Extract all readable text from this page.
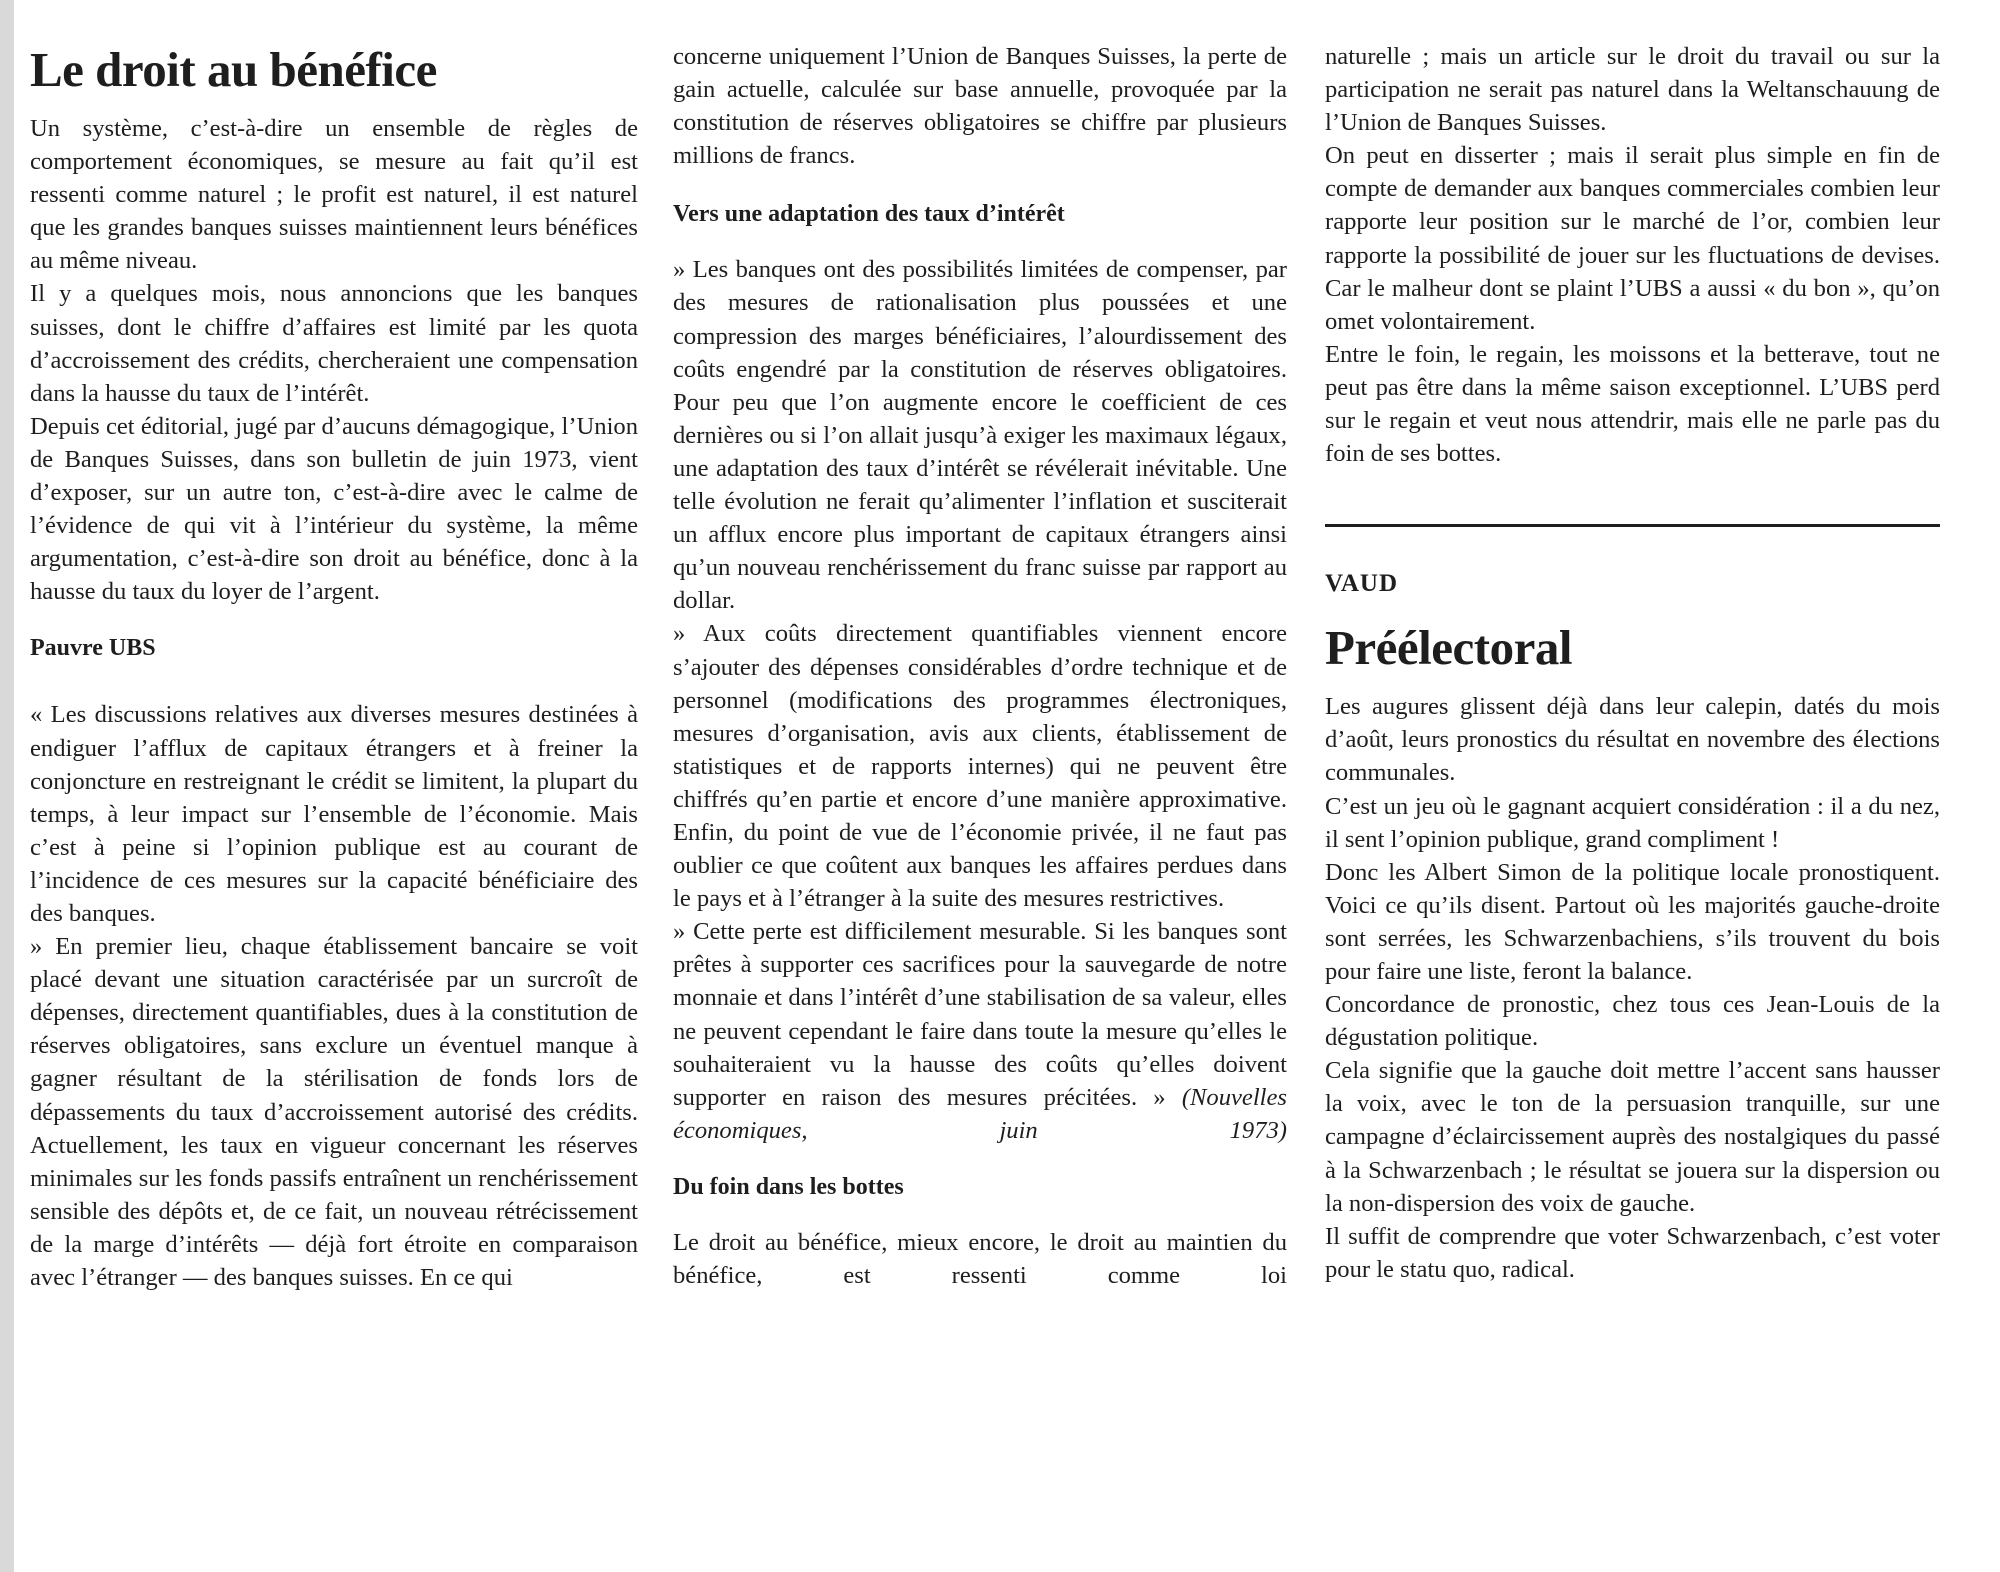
Le droit au bénéfice

Un système, c’est-à-dire un ensemble de règles de comportement économiques, se mesure au fait qu’il est ressenti comme naturel ; le profit est naturel, il est naturel que les grandes banques suisses maintiennent leurs bénéfices au même niveau.

Il y a quelques mois, nous annoncions que les banques suisses, dont le chiffre d’affaires est limité par les quota d’accroissement des crédits, chercheraient une compensation dans la hausse du taux de l’intérêt.

Depuis cet éditorial, jugé par d’aucuns démagogique, l’Union de Banques Suisses, dans son bulletin de juin 1973, vient d’exposer, sur un autre ton, c’est-à-dire avec le calme de l’évidence de qui vit à l’intérieur du système, la même argumentation, c’est-à-dire son droit au bénéfice, donc à la hausse du taux du loyer de l’argent.

Pauvre UBS

« Les discussions relatives aux diverses mesures destinées à endiguer l’afflux de capitaux étrangers et à freiner la conjoncture en restreignant le crédit se limitent, la plupart du temps, à leur impact sur l’ensemble de l’économie. Mais c’est à peine si l’opinion publique est au courant de l’incidence de ces mesures sur la capacité bénéficiaire des des banques.

» En premier lieu, chaque établissement bancaire se voit placé devant une situation caractérisée par un surcroît de dépenses, directement quantifiables, dues à la constitution de réserves obligatoires, sans exclure un éventuel manque à gagner résultant de la stérilisation de fonds lors de dépassements du taux d’accroissement autorisé des crédits. Actuellement, les taux en vigueur concernant les réserves minimales sur les fonds passifs entraînent un renchérissement sensible des dépôts et, de ce fait, un nouveau rétrécissement de la marge d’intérêts — déjà fort étroite en comparaison avec l’étranger — des banques suisses. En ce qui

concerne uniquement l’Union de Banques Suisses, la perte de gain actuelle, calculée sur base annuelle, provoquée par la constitution de réserves obligatoires se chiffre par plusieurs millions de francs.

Vers une adaptation des taux d’intérêt

» Les banques ont des possibilités limitées de compenser, par des mesures de rationalisation plus poussées et une compression des marges bénéficiaires, l’alourdissement des coûts engendré par la constitution de réserves obligatoires. Pour peu que l’on augmente encore le coefficient de ces dernières ou si l’on allait jusqu’à exiger les maximaux légaux, une adaptation des taux d’intérêt se révélerait inévitable. Une telle évolution ne ferait qu’alimenter l’inflation et susciterait un afflux encore plus important de capitaux étrangers ainsi qu’un nouveau renchérissement du franc suisse par rapport au dollar.

» Aux coûts directement quantifiables viennent encore s’ajouter des dépenses considérables d’ordre technique et de personnel (modifications des programmes électroniques, mesures d’organisation, avis aux clients, établissement de statistiques et de rapports internes) qui ne peuvent être chiffrés qu’en partie et encore d’une manière approximative. Enfin, du point de vue de l’économie privée, il ne faut pas oublier ce que coûtent aux banques les affaires perdues dans le pays et à l’étranger à la suite des mesures restrictives.

» Cette perte est difficilement mesurable. Si les banques sont prêtes à supporter ces sacrifices pour la sauvegarde de notre monnaie et dans l’intérêt d’une stabilisation de sa valeur, elles ne peuvent cependant le faire dans toute la mesure qu’elles le souhaiteraient vu la hausse des coûts qu’elles doivent supporter en raison des mesures précitées. » (Nouvelles économiques, juin 1973)

Du foin dans les bottes

Le droit au bénéfice, mieux encore, le droit au maintien du bénéfice, est ressenti comme loi

naturelle ; mais un article sur le droit du travail ou sur la participation ne serait pas naturel dans la Weltanschauung de l’Union de Banques Suisses.

On peut en disserter ; mais il serait plus simple en fin de compte de demander aux banques commerciales combien leur rapporte leur position sur le marché de l’or, combien leur rapporte la possibilité de jouer sur les fluctuations de devises. Car le malheur dont se plaint l’UBS a aussi « du bon », qu’on omet volontairement.

Entre le foin, le regain, les moissons et la betterave, tout ne peut pas être dans la même saison exceptionnel. L’UBS perd sur le regain et veut nous attendrir, mais elle ne parle pas du foin de ses bottes.

VAUD
Préélectoral

Les augures glissent déjà dans leur calepin, datés du mois d’août, leurs pronostics du résultat en novembre des élections communales.

C’est un jeu où le gagnant acquiert considération : il a du nez, il sent l’opinion publique, grand compliment !

Donc les Albert Simon de la politique locale pronostiquent. Voici ce qu’ils disent. Partout où les majorités gauche-droite sont serrées, les Schwarzenbachiens, s’ils trouvent du bois pour faire une liste, feront la balance.

Concordance de pronostic, chez tous ces Jean-Louis de la dégustation politique.

Cela signifie que la gauche doit mettre l’accent sans hausser la voix, avec le ton de la persuasion tranquille, sur une campagne d’éclaircissement auprès des nostalgiques du passé à la Schwarzenbach ; le résultat se jouera sur la dispersion ou la non-dispersion des voix de gauche.

Il suffit de comprendre que voter Schwarzenbach, c’est voter pour le statu quo, radical.
